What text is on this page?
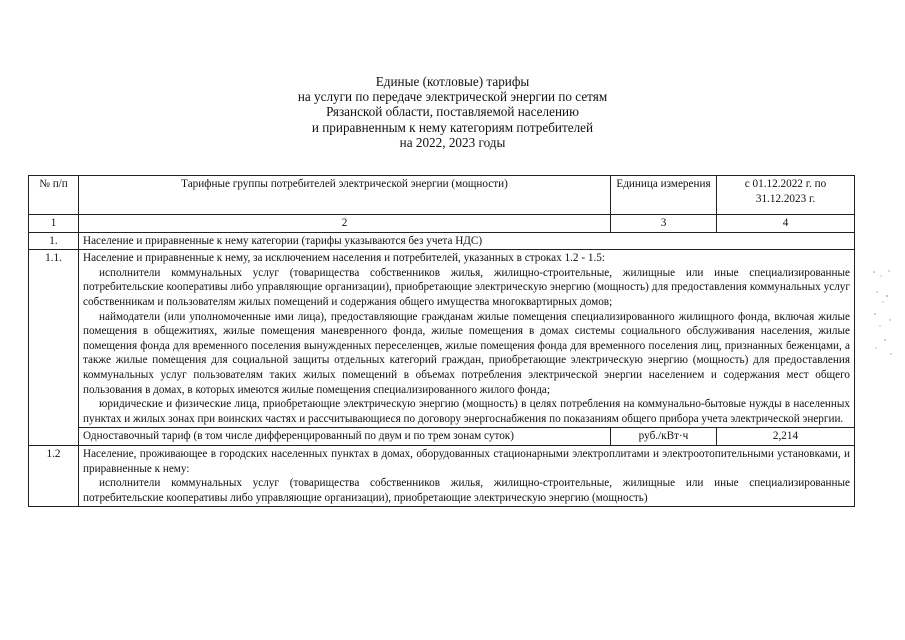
Единые (котловые) тарифы
на услуги по передаче электрической энергии по сетям
Рязанской области, поставляемой населению
и приравненным к нему категориям потребителей
на 2022, 2023 годы
№ п/п	Тарифные группы потребителей электрической энергии (мощности)	Единица измерения	с 01.12.2022 г. по 31.12.2023 г.
1	2	3	4
1.	Население и приравненные к нему категории (тарифы указываются без учета НДС)		
1.1.	Население и приравненные к нему, за исключением населения и потребителей, указанных в строках 1.2 - 1.5:

исполнители коммунальных услуг (товарищества собственников жилья, жилищно-строительные, жилищные или иные специализированные потребительские кооперативы либо управляющие организации), приобретающие электрическую энергию (мощность) для предоставления коммунальных услуг собственникам и пользователям жилых помещений и содержания общего имущества многоквартирных домов;

наймодатели (или уполномоченные ими лица), предоставляющие гражданам жилые помещения специализированного жилищного фонда, включая жилые помещения в общежитиях, жилые помещения маневренного фонда, жилые помещения в домах системы социального обслуживания населения, жилые помещения фонда для временного поселения вынужденных переселенцев, жилые помещения фонда для временного поселения лиц, признанных беженцами, а также жилые помещения для социальной защиты отдельных категорий граждан, приобретающие электрическую энергию (мощность) для предоставления коммунальных услуг пользователям таких жилых помещений в объемах потребления электрической энергии населением и содержания мест общего пользования в домах, в которых имеются жилые помещения специализированного жилого фонда;

юридические и физические лица, приобретающие электрическую энергию (мощность) в целях потребления на коммунально-бытовые нужды в населенных пунктах и жилых зонах при воинских частях и рассчитывающиеся по договору энергоснабжения по показаниям общего прибора учета электрической энергии.		

	Одноставочный тариф (в том числе дифференцированный по двум и по трем зонам суток)	руб./кВт·ч	2,214
1.2	Население, проживающее в городских населенных пунктах в домах, оборудованных стационарными электроплитами и электроотопительными установками, и приравненные к нему:

исполнители коммунальных услуг (товарищества собственников жилья, жилищно-строительные, жилищные или иные специализированные потребительские кооперативы либо управляющие организации), приобретающие электрическую энергию (мощность)		
